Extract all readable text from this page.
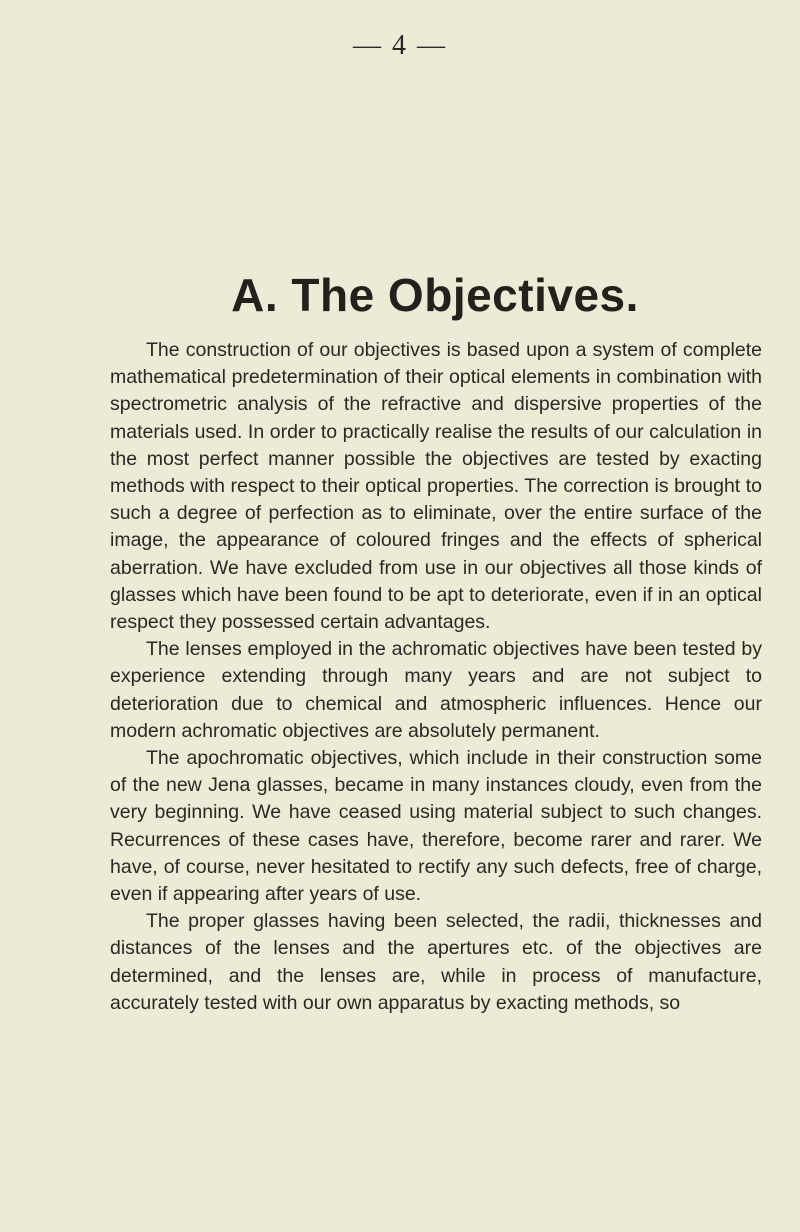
— 4 —
A. The Objectives.

The construction of our objectives is based upon a system of complete mathematical predetermination of their optical elements in combination with spectrometric analysis of the refractive and dispersive properties of the materials used. In order to practically realise the results of our calculation in the most perfect manner possible the objectives are tested by exacting methods with respect to their optical properties. The correction is brought to such a degree of perfection as to eliminate, over the entire surface of the image, the appearance of coloured fringes and the effects of spherical aberration. We have excluded from use in our objectives all those kinds of glasses which have been found to be apt to deteriorate, even if in an optical respect they possessed certain advantages.

The lenses employed in the achromatic objectives have been tested by experience extending through many years and are not subject to deterioration due to chemical and atmospheric influences. Hence our modern achromatic objectives are absolutely permanent.

The apochromatic objectives, which include in their construction some of the new Jena glasses, became in many instances cloudy, even from the very beginning. We have ceased using material subject to such changes. Recurrences of these cases have, therefore, become rarer and rarer. We have, of course, never hesitated to rectify any such defects, free of charge, even if appearing after years of use.

The proper glasses having been selected, the radii, thicknesses and distances of the lenses and the apertures etc. of the objectives are determined, and the lenses are, while in process of manufacture, accurately tested with our own apparatus by exacting methods, so
